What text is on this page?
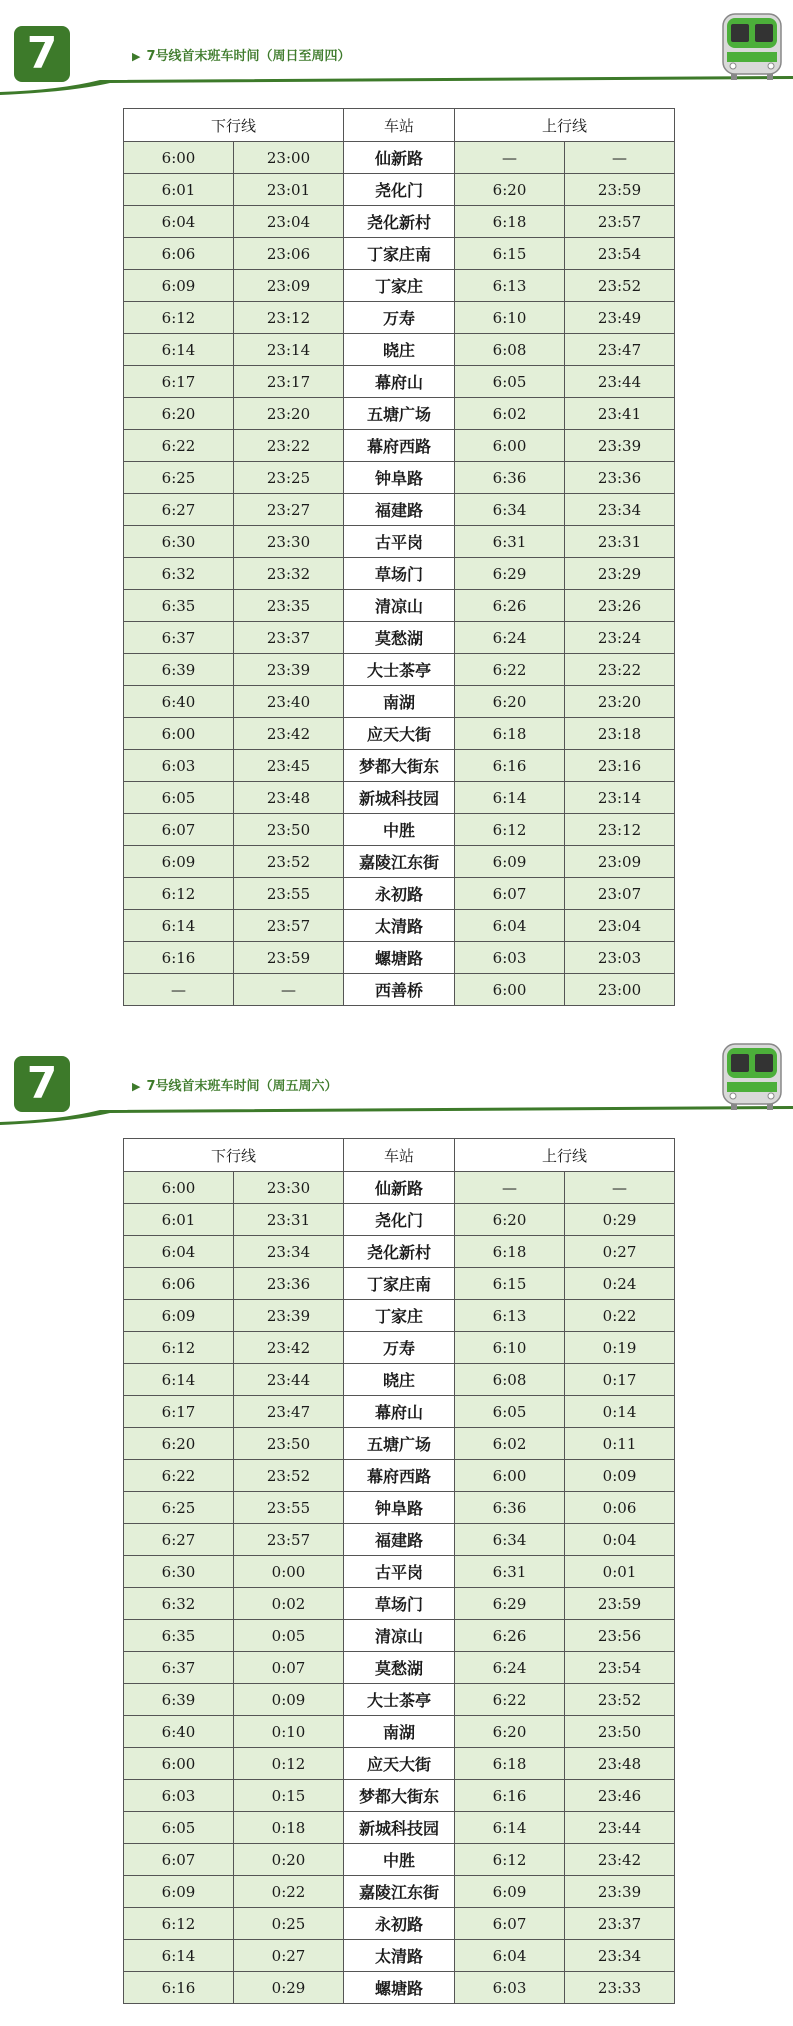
7	▶ 7号线首末班车时间（周日至周四）
下行线		车站	上行线	
6:00	23:00	仙新路	—	—
6:01	23:01	尧化门	6:20	23:59
6:04	23:04	尧化新村	6:18	23:57
6:06	23:06	丁家庄南	6:15	23:54
6:09	23:09	丁家庄	6:13	23:52
6:12	23:12	万寿	6:10	23:49
6:14	23:14	晓庄	6:08	23:47
6:17	23:17	幕府山	6:05	23:44
6:20	23:20	五塘广场	6:02	23:41
6:22	23:22	幕府西路	6:00	23:39
6:25	23:25	钟阜路	6:36	23:36
6:27	23:27	福建路	6:34	23:34
6:30	23:30	古平岗	6:31	23:31
6:32	23:32	草场门	6:29	23:29
6:35	23:35	清凉山	6:26	23:26
6:37	23:37	莫愁湖	6:24	23:24
6:39	23:39	大士茶亭	6:22	23:22
6:40	23:40	南湖	6:20	23:20
6:00	23:42	应天大街	6:18	23:18
6:03	23:45	梦都大街东	6:16	23:16
6:05	23:48	新城科技园	6:14	23:14
6:07	23:50	中胜	6:12	23:12
6:09	23:52	嘉陵江东街	6:09	23:09
6:12	23:55	永初路	6:07	23:07
6:14	23:57	太清路	6:04	23:04
6:16	23:59	螺塘路	6:03	23:03
—	—	西善桥	6:00	23:00
7	▶ 7号线首末班车时间（周五周六）
下行线		车站	上行线	
6:00	23:30	仙新路	—	—
6:01	23:31	尧化门	6:20	0:29
6:04	23:34	尧化新村	6:18	0:27
6:06	23:36	丁家庄南	6:15	0:24
6:09	23:39	丁家庄	6:13	0:22
6:12	23:42	万寿	6:10	0:19
6:14	23:44	晓庄	6:08	0:17
6:17	23:47	幕府山	6:05	0:14
6:20	23:50	五塘广场	6:02	0:11
6:22	23:52	幕府西路	6:00	0:09
6:25	23:55	钟阜路	6:36	0:06
6:27	23:57	福建路	6:34	0:04
6:30	0:00	古平岗	6:31	0:01
6:32	0:02	草场门	6:29	23:59
6:35	0:05	清凉山	6:26	23:56
6:37	0:07	莫愁湖	6:24	23:54
6:39	0:09	大士茶亭	6:22	23:52
6:40	0:10	南湖	6:20	23:50
6:00	0:12	应天大街	6:18	23:48
6:03	0:15	梦都大街东	6:16	23:46
6:05	0:18	新城科技园	6:14	23:44
6:07	0:20	中胜	6:12	23:42
6:09	0:22	嘉陵江东街	6:09	23:39
6:12	0:25	永初路	6:07	23:37
6:14	0:27	太清路	6:04	23:34
6:16	0:29	螺塘路	6:03	23:33
